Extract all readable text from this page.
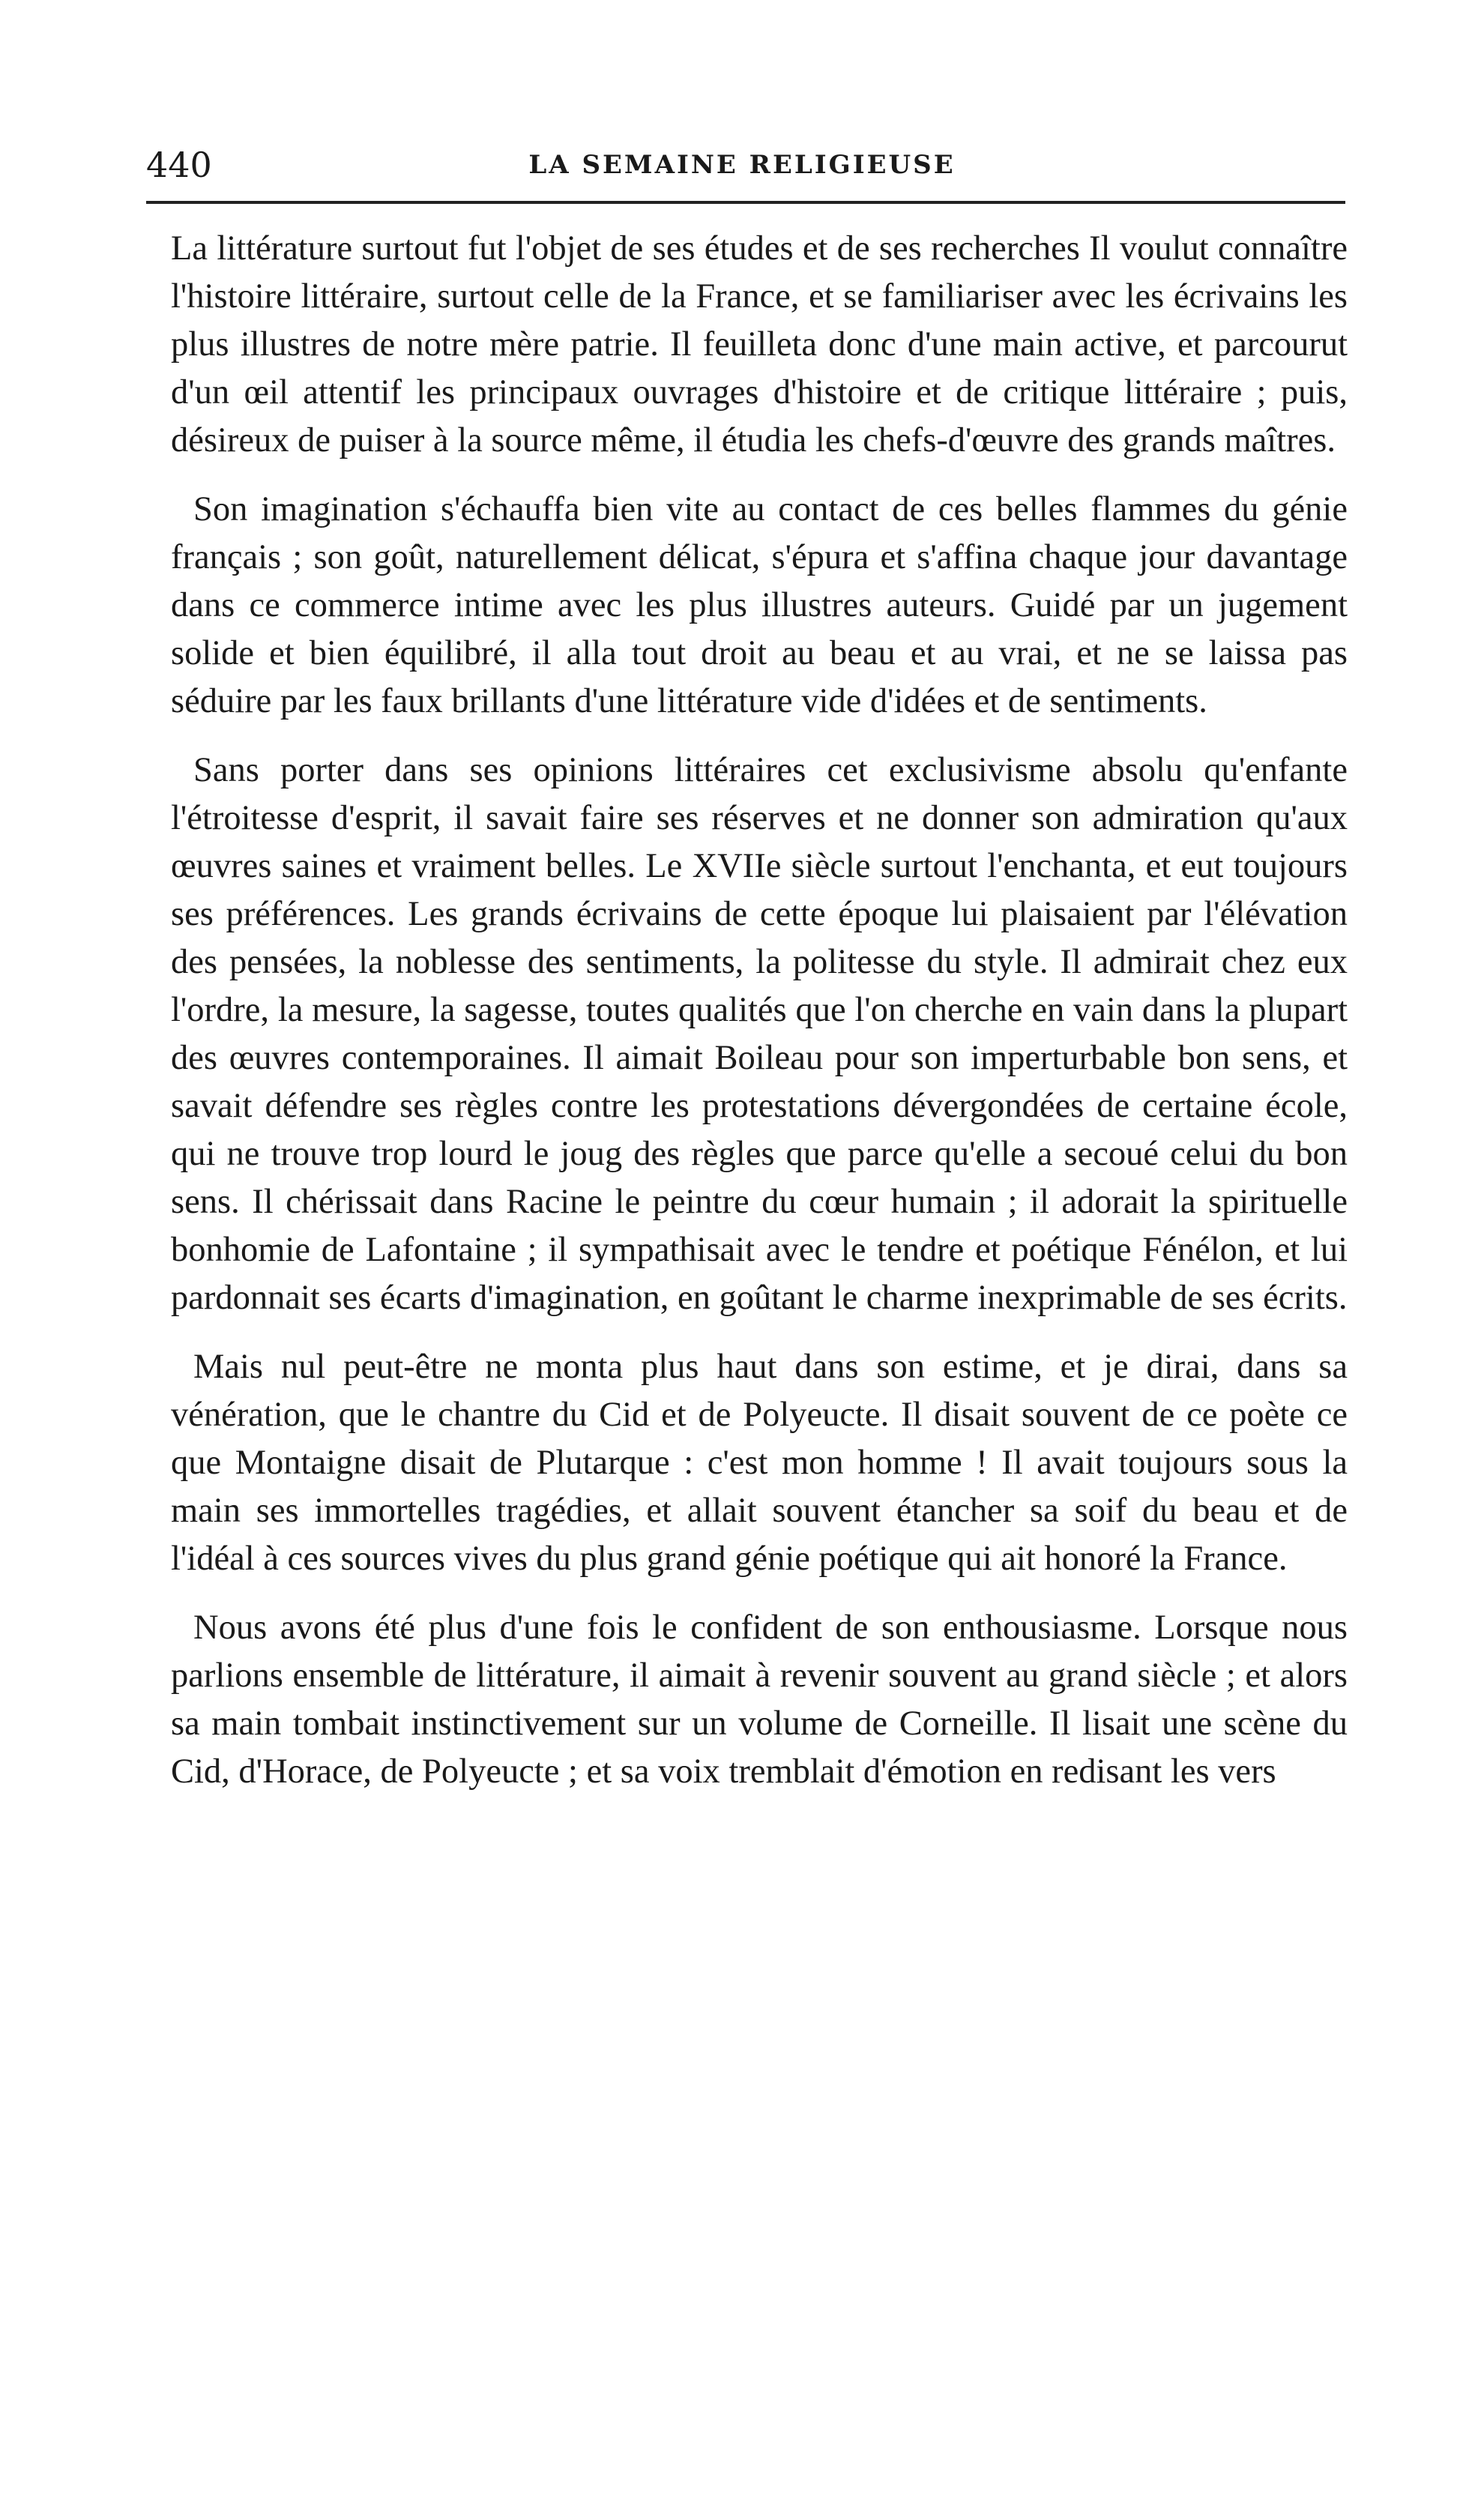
440	LA SEMAINE RELIGIEUSE

La littérature surtout fut l'objet de ses études et de ses recherches Il voulut connaître l'histoire littéraire, surtout celle de la France, et se familiariser avec les écrivains les plus illustres de notre mère patrie. Il feuilleta donc d'une main active, et parcourut d'un œil attentif les principaux ouvrages d'histoire et de critique littéraire ; puis, désireux de puiser à la source même, il étudia les chefs-d'œuvre des grands maîtres.

Son imagination s'échauffa bien vite au contact de ces belles flammes du génie français ; son goût, naturellement délicat, s'épura et s'affina chaque jour davantage dans ce commerce intime avec les plus illustres auteurs. Guidé par un jugement solide et bien équilibré, il alla tout droit au beau et au vrai, et ne se laissa pas séduire par les faux brillants d'une littérature vide d'idées et de sentiments.

Sans porter dans ses opinions littéraires cet exclusivisme absolu qu'enfante l'étroitesse d'esprit, il savait faire ses réserves et ne donner son admiration qu'aux œuvres saines et vraiment belles. Le XVIIe siècle surtout l'enchanta, et eut toujours ses préférences. Les grands écrivains de cette époque lui plaisaient par l'élévation des pensées, la noblesse des sentiments, la politesse du style. Il admirait chez eux l'ordre, la mesure, la sagesse, toutes qualités que l'on cherche en vain dans la plupart des œuvres contemporaines. Il aimait Boileau pour son imperturbable bon sens, et savait défendre ses règles contre les protestations dévergondées de certaine école, qui ne trouve trop lourd le joug des règles que parce qu'elle a secoué celui du bon sens. Il chérissait dans Racine le peintre du cœur humain ; il adorait la spirituelle bonhomie de Lafontaine ; il sympathisait avec le tendre et poétique Fénélon, et lui pardonnait ses écarts d'imagination, en goûtant le charme inexprimable de ses écrits.

Mais nul peut-être ne monta plus haut dans son estime, et je dirai, dans sa vénération, que le chantre du Cid et de Polyeucte. Il disait souvent de ce poète ce que Montaigne disait de Plutarque : c'est mon homme ! Il avait toujours sous la main ses immortelles tragédies, et allait souvent étancher sa soif du beau et de l'idéal à ces sources vives du plus grand génie poétique qui ait honoré la France.

Nous avons été plus d'une fois le confident de son enthousiasme. Lorsque nous parlions ensemble de littérature, il aimait à revenir souvent au grand siècle ; et alors sa main tombait instinctivement sur un volume de Corneille. Il lisait une scène du Cid, d'Horace, de Polyeucte ; et sa voix tremblait d'émotion en redisant les vers
